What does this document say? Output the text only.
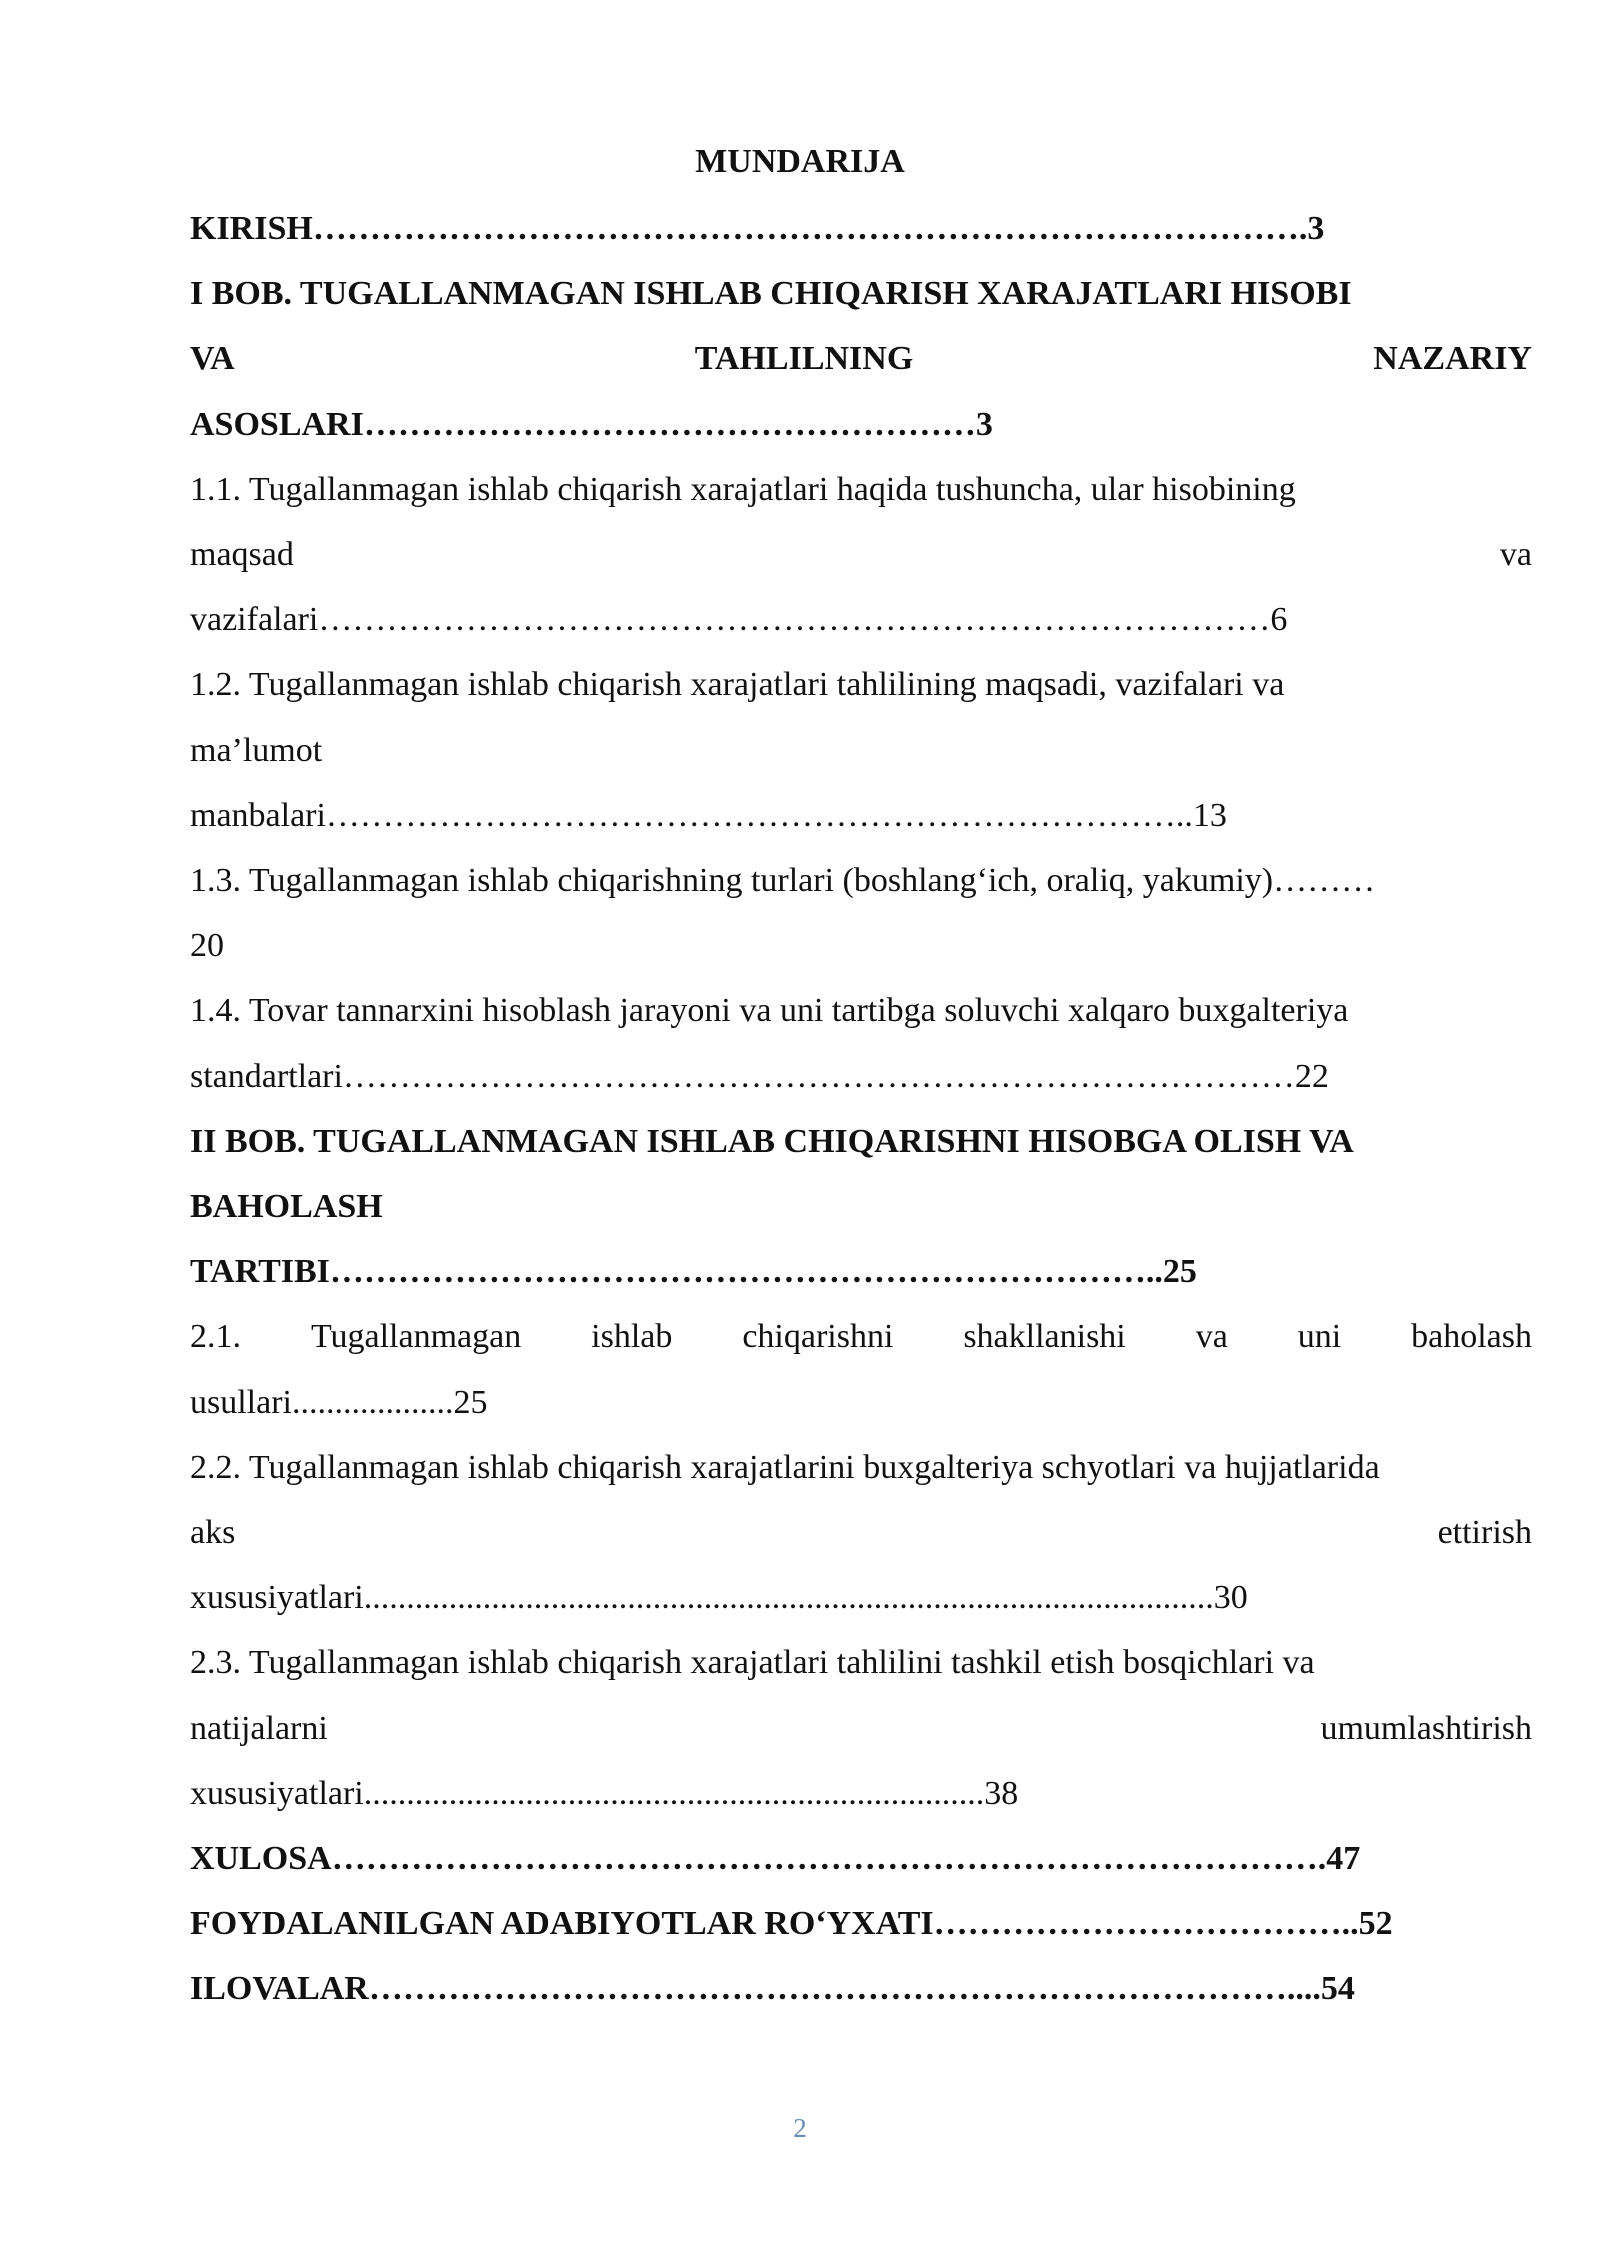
MUNDARIJA
KIRISH…………………………………………………………………………….3
I BOB. TUGALLANMAGAN ISHLAB CHIQARISH XARAJATLARI HISOBI
VA	TAHLILNING	NAZARIY
ASOSLARI………………………………………………3
1.1. Tugallanmagan ishlab chiqarish xarajatlari haqida tushuncha, ular hisobining
maqsad	va
vazifalari…………………………………………………………………………6
1.2. Tugallanmagan ishlab chiqarish xarajatlari tahlilining maqsadi, vazifalari va
ma’lumot
manbalari…………………………………………………………………..13
1.3. Tugallanmagan ishlab chiqarishning turlari (boshlang‘ich, oraliq, yakumiy)………
20
1.4. Tovar tannarxini hisoblash jarayoni va uni tartibga soluvchi xalqaro buxgalteriya
standartlari…………………………………………………………………………22
II BOB. TUGALLANMAGAN ISHLAB CHIQARISHNI HISOBGA OLISH VA
BAHOLASH
TARTIBI………………………………………………………………..25
2.1. Tugallanmagan ishlab chiqarishni shakllanishi va uni baholash
usullari...................25
2.2. Tugallanmagan ishlab chiqarish xarajatlarini buxgalteriya schyotlari va hujjatlarida
aks	ettirish
xususiyatlari....................................................................................................30
2.3. Tugallanmagan ishlab chiqarish xarajatlari tahlilini tashkil etish bosqichlari va
natijalarni	umumlashtirish
xususiyatlari.........................................................................38
XULOSA…………………………………………………………………………….47
FOYDALANILGAN ADABIYOTLAR RO‘YXATI………………………………..52
ILOVALAR………………………………………………………………………....54
2
